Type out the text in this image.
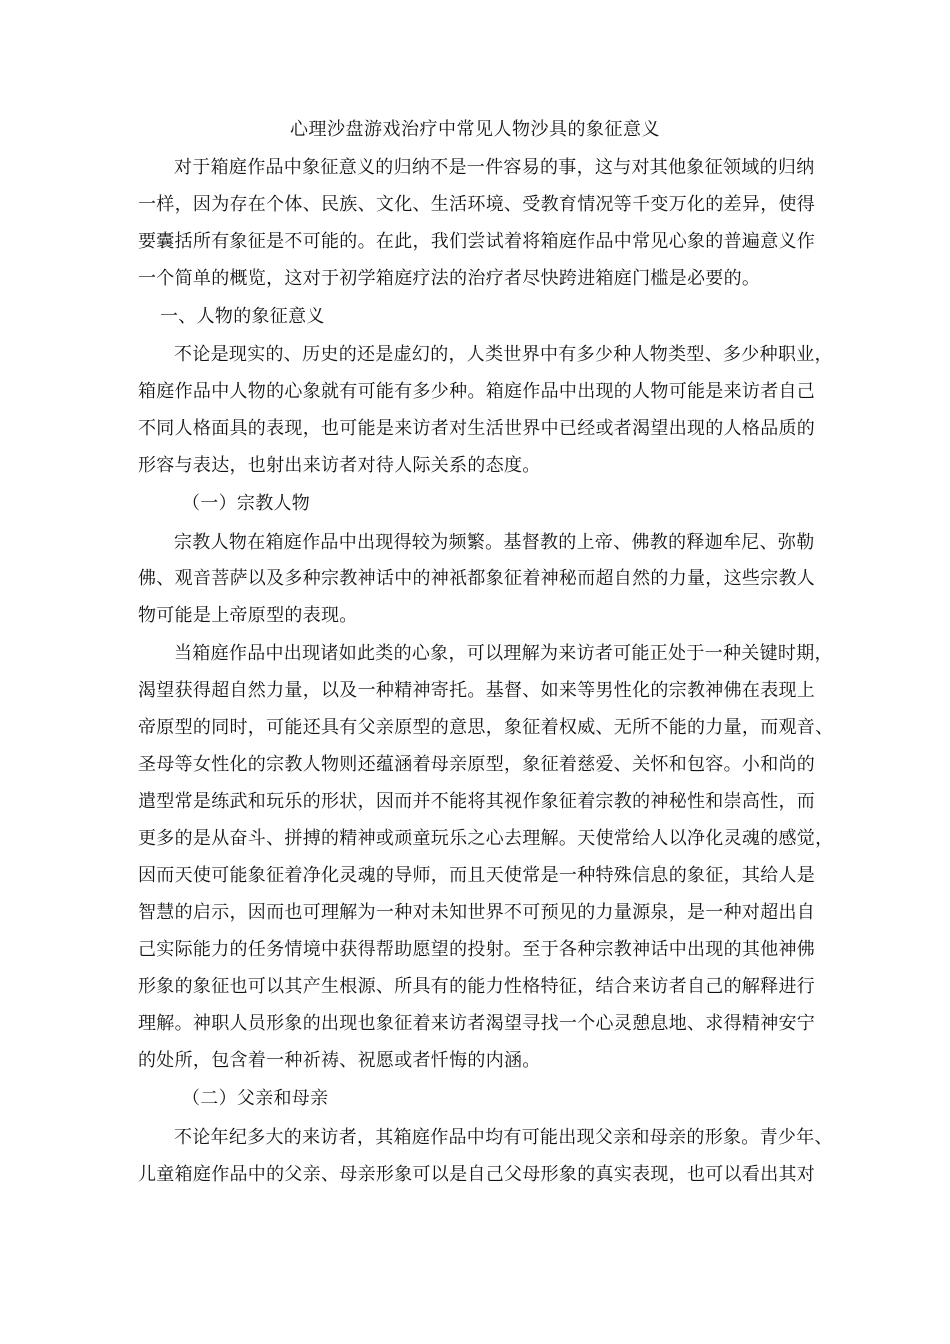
心理沙盘游戏治疗中常见人物沙具的象征意义
对于箱庭作品中象征意义的归纳不是一件容易的事，这与对其他象征领域的归纳
一样，因为存在个体、民族、文化、生活环境、受教育情况等千变万化的差异，使得
要囊括所有象征是不可能的。在此，我们尝试着将箱庭作品中常见心象的普遍意义作
一个简单的概览，这对于初学箱庭疗法的治疗者尽快跨进箱庭门槛是必要的。
一、人物的象征意义
不论是现实的、历史的还是虚幻的，人类世界中有多少种人物类型、多少种职业，
箱庭作品中人物的心象就有可能有多少种。箱庭作品中出现的人物可能是来访者自己
不同人格面具的表现，也可能是来访者对生活世界中已经或者渴望出现的人格品质的
形容与表达，也射出来访者对待人际关系的态度。
（一）宗教人物
宗教人物在箱庭作品中出现得较为频繁。基督教的上帝、佛教的释迦牟尼、弥勒
佛、观音菩萨以及多种宗教神话中的神祇都象征着神秘而超自然的力量，这些宗教人
物可能是上帝原型的表现。
当箱庭作品中出现诸如此类的心象，可以理解为来访者可能正处于一种关键时期，
渴望获得超自然力量，以及一种精神寄托。基督、如来等男性化的宗教神佛在表现上
帝原型的同时，可能还具有父亲原型的意思，象征着权威、无所不能的力量，而观音、
圣母等女性化的宗教人物则还蕴涵着母亲原型，象征着慈爱、关怀和包容。小和尚的
遣型常是练武和玩乐的形状，因而并不能将其视作象征着宗教的神秘性和崇高性，而
更多的是从奋斗、拼搏的精神或顽童玩乐之心去理解。天使常给人以净化灵魂的感觉，
因而天使可能象征着净化灵魂的导师，而且天使常是一种特殊信息的象征，其给人是
智慧的启示，因而也可理解为一种对未知世界不可预见的力量源泉，是一种对超出自
己实际能力的任务情境中获得帮助愿望的投射。至于各种宗教神话中出现的其他神佛
形象的象征也可以其产生根源、所具有的能力性格特征，结合来访者自己的解释进行
理解。神职人员形象的出现也象征着来访者渴望寻找一个心灵憩息地、求得精神安宁
的处所，包含着一种祈祷、祝愿或者忏悔的内涵。
（二）父亲和母亲
不论年纪多大的来访者，其箱庭作品中均有可能出现父亲和母亲的形象。青少年、
儿童箱庭作品中的父亲、母亲形象可以是自己父母形象的真实表现，也可以看出其对
